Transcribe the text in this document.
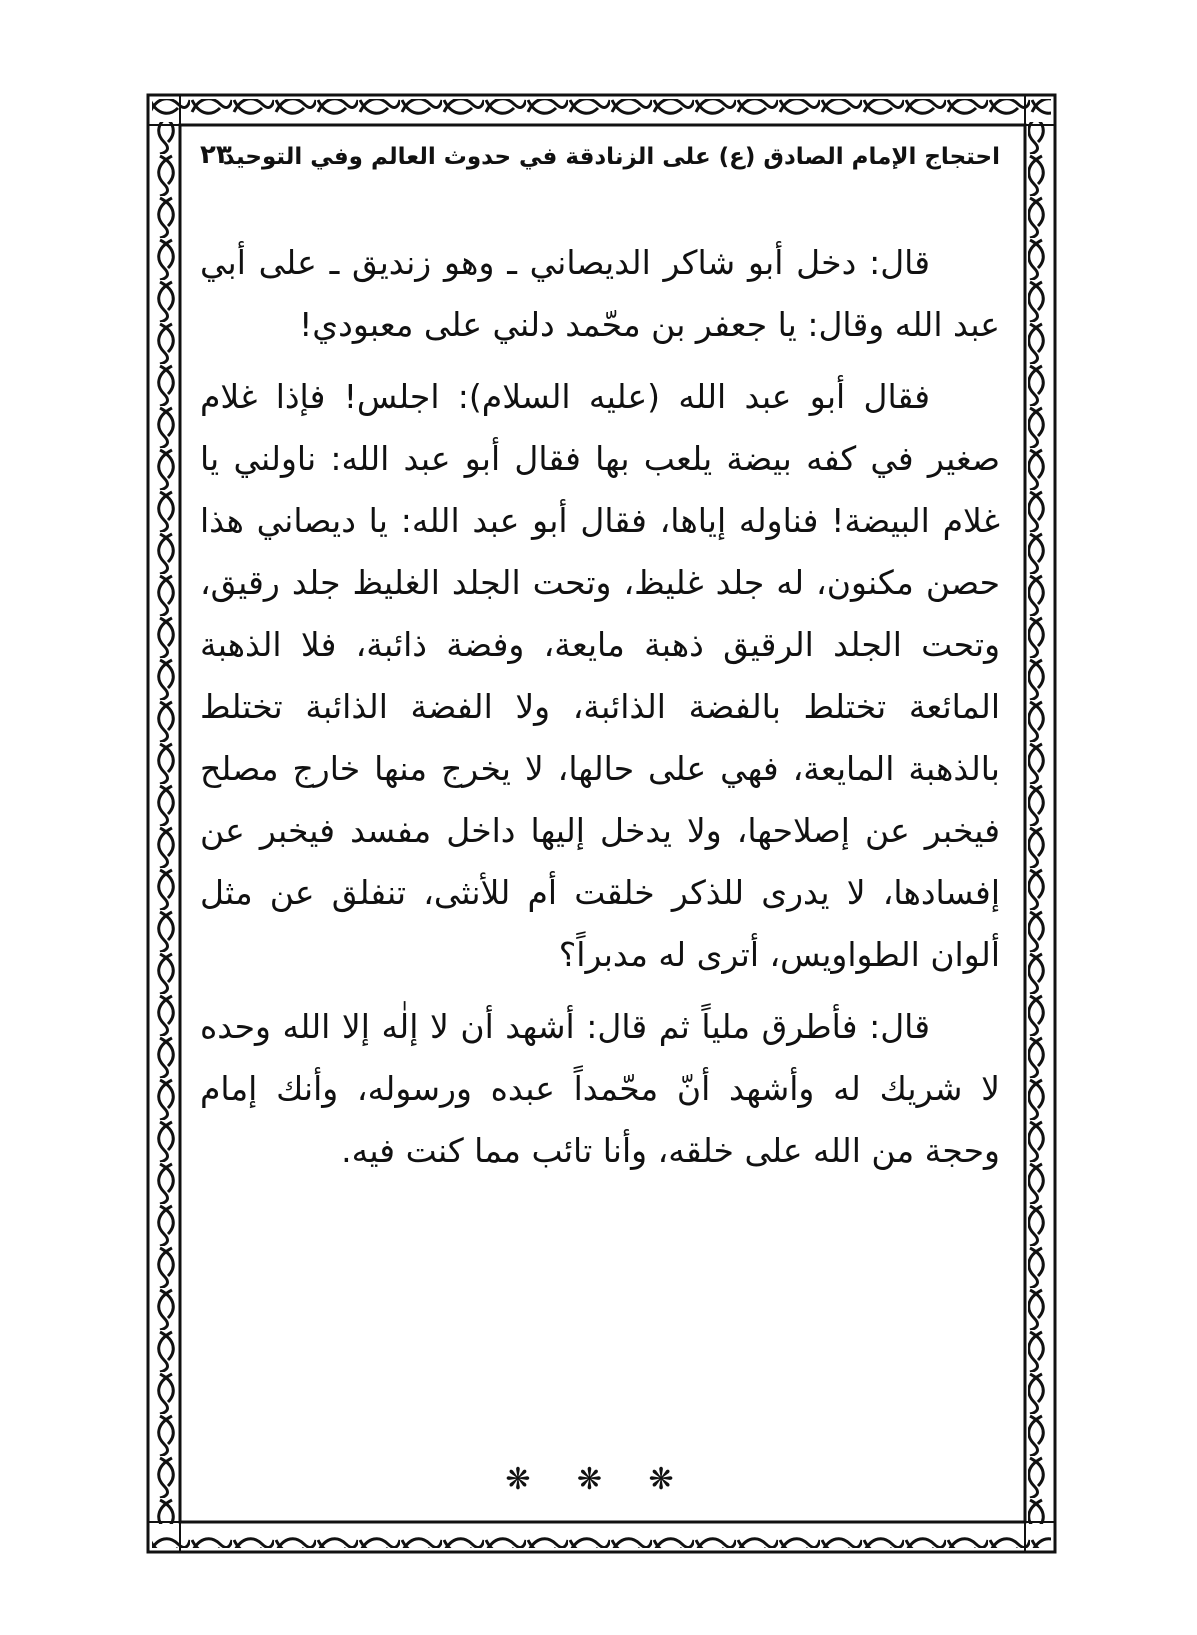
احتجاج الإمام الصادق (ع) على الزنادقة في حدوث العالم وفي التوحيد
٢٣

قال: دخل أبو شاكر الديصاني ـ وهو زنديق ـ على أبي عبد الله وقال: يا جعفر بن محّمد دلني على معبودي!

فقال أبو عبد الله (عليه السلام): اجلس! فإذا غلام صغير في كفه بيضة يلعب بها فقال أبو عبد الله: ناولني يا غلام البيضة! فناوله إياها، فقال أبو عبد الله: يا ديصاني هذا حصن مكنون، له جلد غليظ، وتحت الجلد الغليظ جلد رقيق، وتحت الجلد الرقيق ذهبة مايعة، وفضة ذائبة، فلا الذهبة المائعة تختلط بالفضة الذائبة، ولا الفضة الذائبة تختلط بالذهبة المايعة، فهي على حالها، لا يخرج منها خارج مصلح فيخبر عن إصلاحها، ولا يدخل إليها داخل مفسد فيخبر عن إفسادها، لا يدرى للذكر خلقت أم للأنثى، تنفلق عن مثل ألوان الطواويس، أترى له مدبراً؟

قال: فأطرق ملياً ثم قال: أشهد أن لا إلٰه إلا الله وحده لا شريك له وأشهد أنّ محّمداً عبده ورسوله، وأنك إمام وحجة من الله على خلقه، وأنا تائب مما كنت فيه.

❋ ❋ ❋
